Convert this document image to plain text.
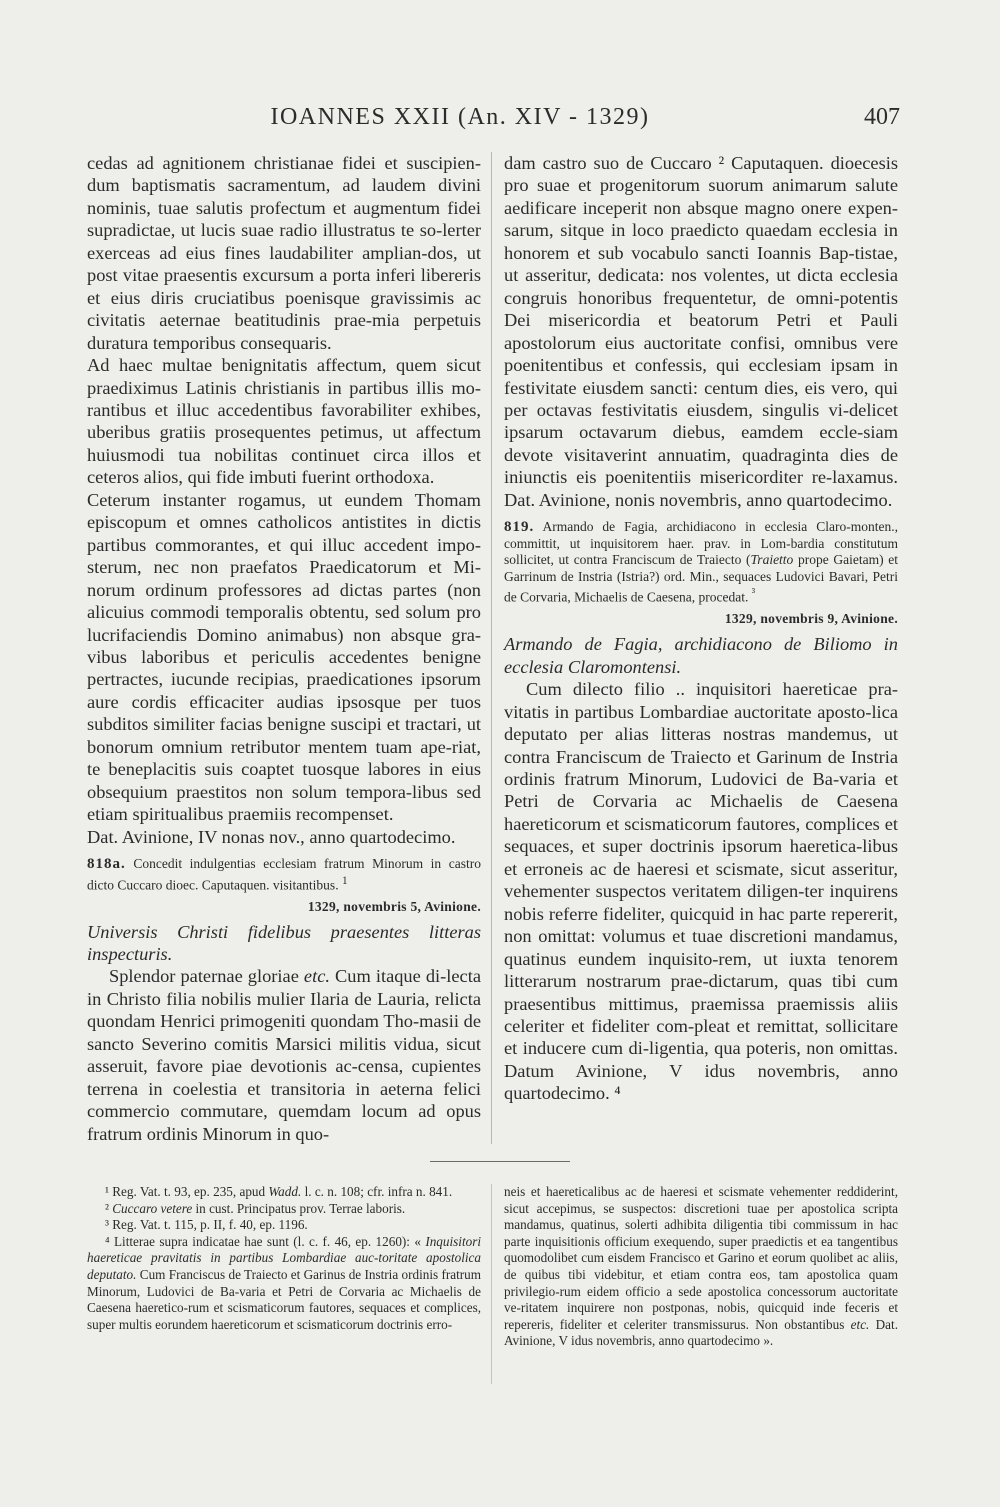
IOANNES XXII (An. XIV - 1329)	407

cedas ad agnitionem christianae fidei et suscipien-dum baptismatis sacramentum, ad laudem divini nominis, tuae salutis profectum et augmentum fidei supradictae, ut lucis suae radio illustratus te so-lerter exerceas ad eius fines laudabiliter amplian-dos, ut post vitae praesentis excursum a porta inferi libereris et eius diris cruciatibus poenisque gravissimis ac civitatis aeternae beatitudinis prae-mia perpetuis duratura temporibus consequaris.

Ad haec multae benignitatis affectum, quem sicut praediximus Latinis christianis in partibus illis mo-rantibus et illuc accedentibus favorabiliter exhibes, uberibus gratiis prosequentes petimus, ut affectum huiusmodi tua nobilitas continuet circa illos et ceteros alios, qui fide imbuti fuerint orthodoxa.

Ceterum instanter rogamus, ut eundem Thomam episcopum et omnes catholicos antistites in dictis partibus commorantes, et qui illuc accedent impo-sterum, nec non praefatos Praedicatorum et Mi-norum ordinum professores ad dictas partes (non alicuius commodi temporalis obtentu, sed solum pro lucrifaciendis Domino animabus) non absque gra-vibus laboribus et periculis accedentes benigne pertractes, iucunde recipias, praedicationes ipsorum aure cordis efficaciter audias ipsosque per tuos subditos similiter facias benigne suscipi et tractari, ut bonorum omnium retributor mentem tuam ape-riat, te beneplacitis suis coaptet tuosque labores in eius obsequium praestitos non solum tempora-libus sed etiam spiritualibus praemiis recompenset.

Dat. Avinione, IV nonas nov., anno quartodecimo.

818a. Concedit indulgentias ecclesiam fratrum Minorum in castro dicto Cuccaro dioec. Caputaquen. visitantibus. $^1$
1329, novembris 5, Avinione.

Universis Christi fidelibus praesentes litteras inspecturis.

Splendor paternae gloriae etc. Cum itaque di-lecta in Christo filia nobilis mulier Ilaria de Lauria, relicta quondam Henrici primogeniti quondam Tho-masii de sancto Severino comitis Marsici militis vidua, sicut asseruit, favore piae devotionis ac-censa, cupientes terrena in coelestia et transitoria in aeterna felici commercio commutare, quemdam locum ad opus fratrum ordinis Minorum in quo-

dam castro suo de Cuccaro ² Caputaquen. dioecesis pro suae et progenitorum suorum animarum salute aedificare inceperit non absque magno onere expen-sarum, sitque in loco praedicto quaedam ecclesia in honorem et sub vocabulo sancti Ioannis Bap-tistae, ut asseritur, dedicata: nos volentes, ut dicta ecclesia congruis honoribus frequentetur, de omni-potentis Dei misericordia et beatorum Petri et Pauli apostolorum eius auctoritate confisi, omnibus vere poenitentibus et confessis, qui ecclesiam ipsam in festivitate eiusdem sancti: centum dies, eis vero, qui per octavas festivitatis eiusdem, singulis vi-delicet ipsarum octavarum diebus, eamdem eccle-siam devote visitaverint annuatim, quadraginta dies de iniunctis eis poenitentiis misericorditer re-laxamus. Dat. Avinione, nonis novembris, anno quartodecimo.

819. Armando de Fagia, archidiacono in ecclesia Claro-monten., committit, ut inquisitorem haer. prav. in Lom-bardia constitutum sollicitet, ut contra Franciscum de Traiecto (Traietto prope Gaietam) et Garrinum de Instria (Istria?) ord. Min., sequaces Ludovici Bavari, Petri de Corvaria, Michaelis de Caesena, procedat. $^{^3}$
1329, novembris 9, Avinione.

Armando de Fagia, archidiacono de Biliomo in ecclesia Claromontensi.

Cum dilecto filio .. inquisitori haereticae pra-vitatis in partibus Lombardiae auctoritate aposto-lica deputato per alias litteras nostras mandemus, ut contra Franciscum de Traiecto et Garinum de Instria ordinis fratrum Minorum, Ludovici de Ba-varia et Petri de Corvaria ac Michaelis de Caesena haereticorum et scismaticorum fautores, complices et sequaces, et super doctrinis ipsorum haeretica-libus et erroneis ac de haeresi et scismate, sicut asseritur, vehementer suspectos veritatem diligen-ter inquirens nobis referre fideliter, quicquid in hac parte repererit, non omittat: volumus et tuae discretioni mandamus, quatinus eundem inquisito-rem, ut iuxta tenorem litterarum nostrarum prae-dictarum, quas tibi cum praesentibus mittimus, praemissa praemissis aliis celeriter et fideliter com-pleat et remittat, sollicitare et inducere cum di-ligentia, qua poteris, non omittas. Datum Avinione, V idus novembris, anno quartodecimo. ⁴

¹ Reg. Vat. t. 93, ep. 235, apud Wadd. l. c. n. 108; cfr. infra n. 841.

² Cuccaro vetere in cust. Principatus prov. Terrae laboris.

³ Reg. Vat. t. 115, p. II, f. 40, ep. 1196.

⁴ Litterae supra indicatae hae sunt (l. c. f. 46, ep. 1260): « Inquisitori haereticae pravitatis in partibus Lombardiae auc-toritate apostolica deputato. Cum Franciscus de Traiecto et Garinus de Instria ordinis fratrum Minorum, Ludovici de Ba-varia et Petri de Corvaria ac Michaelis de Caesena haeretico-rum et scismaticorum fautores, sequaces et complices, super multis eorundem haereticorum et scismaticorum doctrinis erro-

neis et haereticalibus ac de haeresi et scismate vehementer reddiderint, sicut accepimus, se suspectos: discretioni tuae per apostolica scripta mandamus, quatinus, solerti adhibita diligentia tibi commissum in hac parte inquisitionis officium exequendo, super praedictis et ea tangentibus quomodolibet cum eisdem Francisco et Garino et eorum quolibet ac aliis, de quibus tibi videbitur, et etiam contra eos, tam apostolica quam privilegio-rum eidem officio a sede apostolica concessorum auctoritate ve-ritatem inquirere non postponas, nobis, quicquid inde feceris et repereris, fideliter et celeriter transmissurus. Non obstantibus etc. Dat. Avinione, V idus novembris, anno quartodecimo ».
